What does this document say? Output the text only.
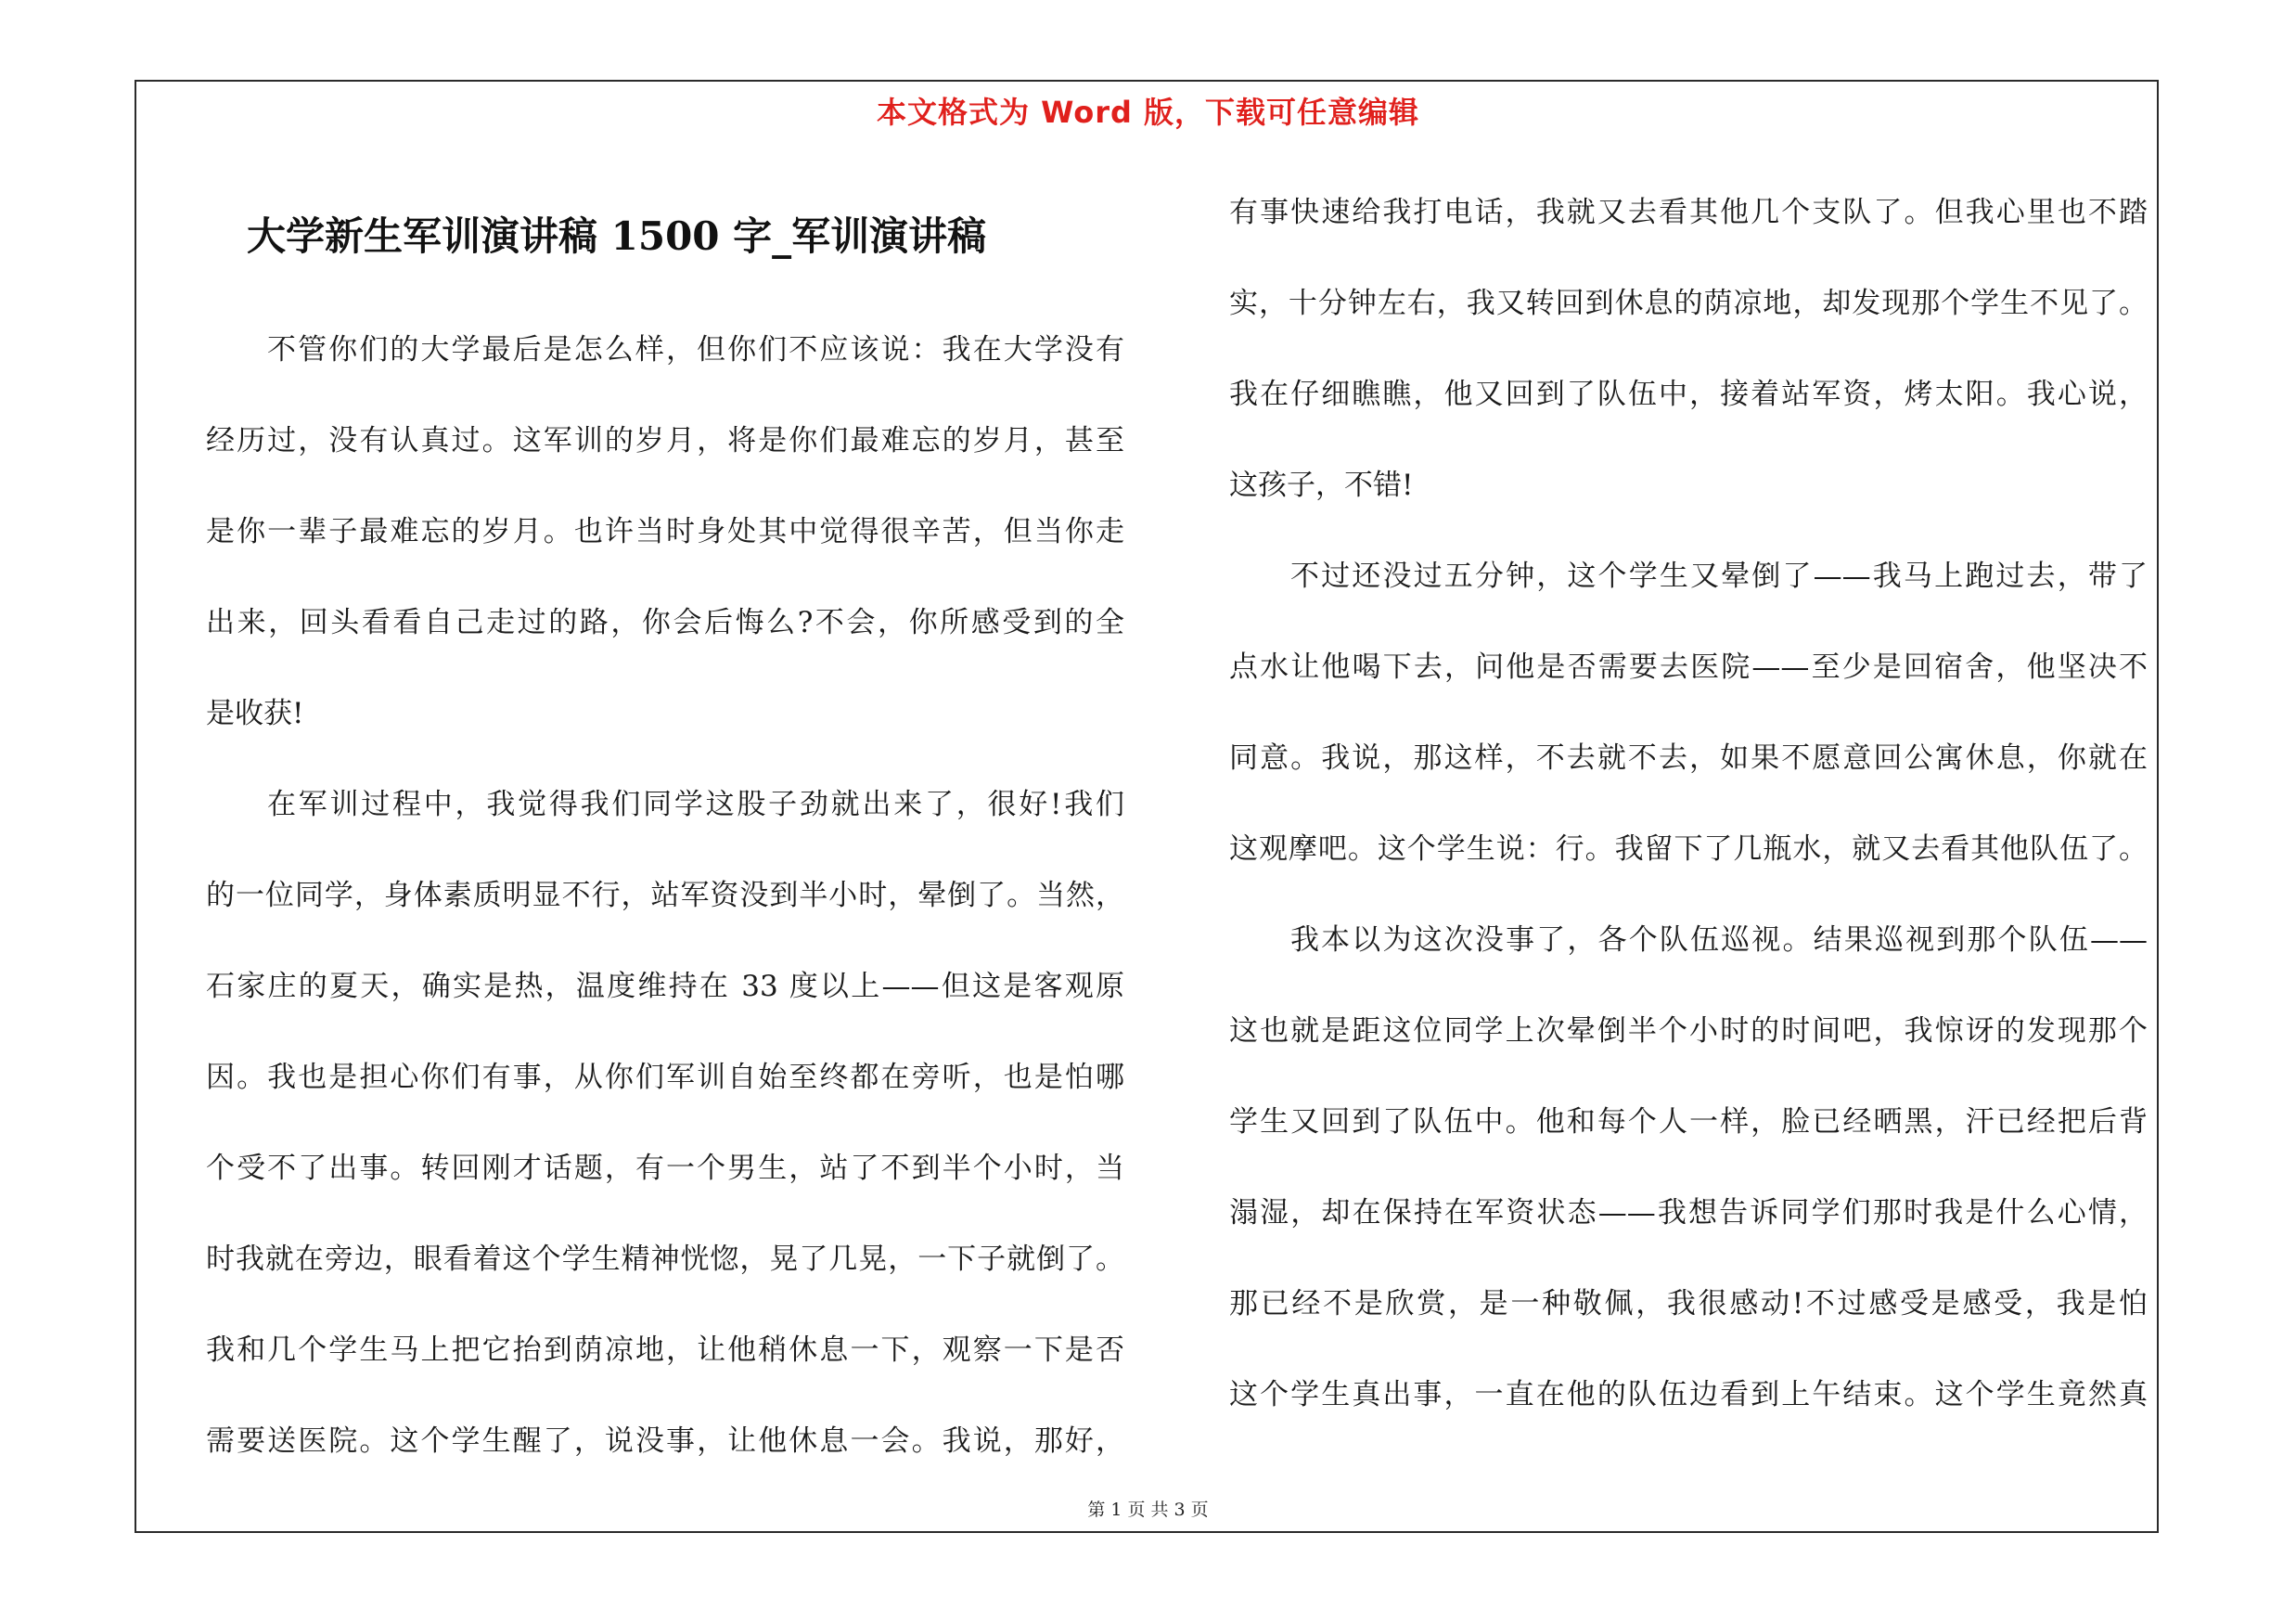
本文格式为 Word 版，下载可任意编辑
大学新生军训演讲稿 1500 字_军训演讲稿
不管你们的大学最后是怎么样，但你们不应该说：我在大学没有
经历过，没有认真过。这军训的岁月，将是你们最难忘的岁月，甚至
是你一辈子最难忘的岁月。也许当时身处其中觉得很辛苦，但当你走
出来，回头看看自己走过的路，你会后悔么?不会，你所感受到的全
是收获!
在军训过程中，我觉得我们同学这股子劲就出来了，很好!我们
的一位同学，身体素质明显不行，站军资没到半小时，晕倒了。当然，
石家庄的夏天，确实是热，温度维持在 33 度以上——但这是客观原
因。我也是担心你们有事，从你们军训自始至终都在旁听，也是怕哪
个受不了出事。转回刚才话题，有一个男生，站了不到半个小时，当
时我就在旁边，眼看着这个学生精神恍惚，晃了几晃，一下子就倒了。
我和几个学生马上把它抬到荫凉地，让他稍休息一下，观察一下是否
需要送医院。这个学生醒了，说没事，让他休息一会。我说，那好，
有事快速给我打电话，我就又去看其他几个支队了。但我心里也不踏
实，十分钟左右，我又转回到休息的荫凉地，却发现那个学生不见了。
我在仔细瞧瞧，他又回到了队伍中，接着站军资，烤太阳。我心说，
这孩子，不错!
不过还没过五分钟，这个学生又晕倒了——我马上跑过去，带了
点水让他喝下去，问他是否需要去医院——至少是回宿舍，他坚决不
同意。我说，那这样，不去就不去，如果不愿意回公寓休息，你就在
这观摩吧。这个学生说：行。我留下了几瓶水，就又去看其他队伍了。
我本以为这次没事了，各个队伍巡视。结果巡视到那个队伍——
这也就是距这位同学上次晕倒半个小时的时间吧，我惊讶的发现那个
学生又回到了队伍中。他和每个人一样，脸已经晒黑，汗已经把后背
溻湿，却在保持在军资状态——我想告诉同学们那时我是什么心情，
那已经不是欣赏，是一种敬佩，我很感动!不过感受是感受，我是怕
这个学生真出事，一直在他的队伍边看到上午结束。这个学生竟然真
第 1 页 共 3 页
